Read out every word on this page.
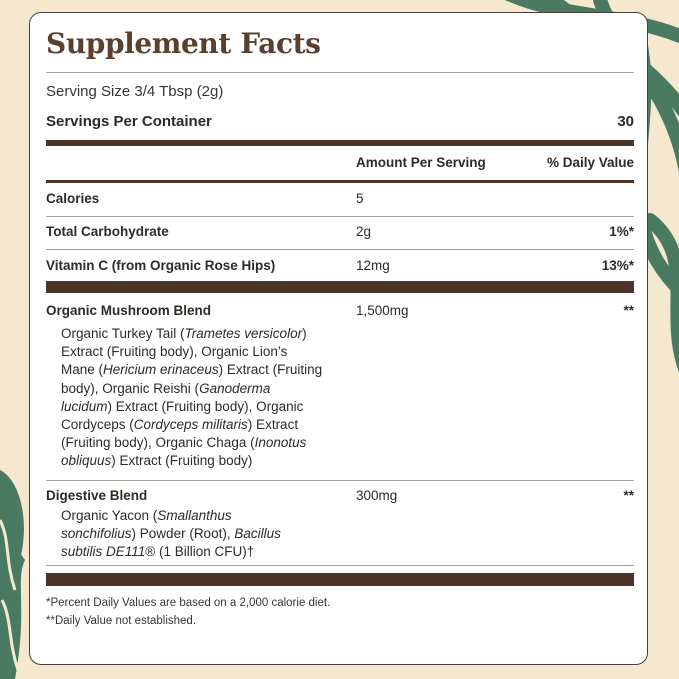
Supplement Facts
Serving Size 3/4 Tbsp (2g)
Servings Per Container	30
Amount Per Serving	% Daily Value
Calories	5
Total Carbohydrate	2g	1%*
Vitamin C (from Organic Rose Hips)	12mg	13%*
Organic Mushroom Blend	1,500mg	**
Organic Turkey Tail (Trametes versicolor)
Extract (Fruiting body), Organic Lion’s
Mane (Hericium erinaceus) Extract (Fruiting
body), Organic Reishi (Ganoderma
lucidum) Extract (Fruiting body), Organic
Cordyceps (Cordyceps militaris) Extract
(Fruiting body), Organic Chaga (Inonotus
obliquus) Extract (Fruiting body)
Digestive Blend	300mg	**
Organic Yacon (Smallanthus
sonchifolius) Powder (Root), Bacillus
subtilis DE111® (1 Billion CFU)†
*Percent Daily Values are based on a 2,000 calorie diet.
**Daily Value not established.
